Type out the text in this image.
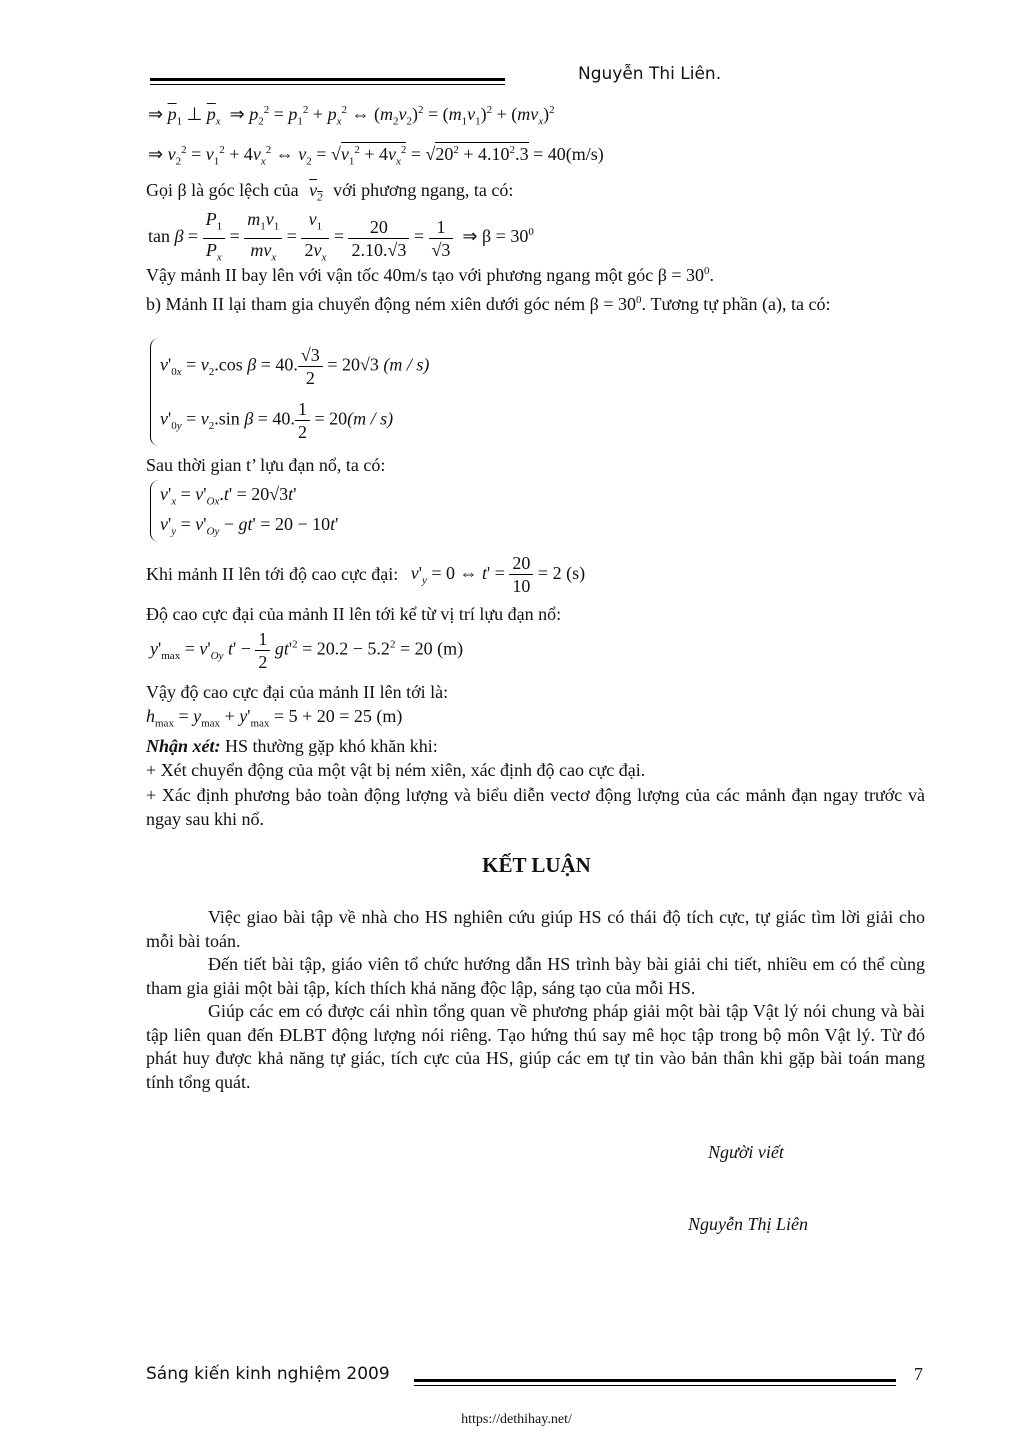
Nguyễn Thi Liên.
⇒ $\overline{p}_1$ ⊥ $\overline{p}_x$  ⇒ $p_2^2 = p_1^2 + p_x^2$ ⇔ $(m_2v_2)^2 = (m_1v_1)^2 + (mv_x)^2$
⇒ $v_2^2 = v_1^2 + 4v_x^2$ ⇔ $v_2 = √v_1^2 + 4v_x^2 = √20^2 + 4.10^2.3 = 40(m/s)$
Gọi β là góc lệch của $v_2$ với phương ngang, ta có:
$\tan \beta = \frac{P_1}{P_x} = \frac{m_1v_1}{mv_x} = \frac{v_1}{2v_x} = \frac{20}{2.10.√3} = \frac{1}{√3}$ ⇒ $\beta = 30^0$
Vậy mảnh II bay lên với vận tốc 40m/s tạo với phương ngang một góc $\beta = 30^0$.
b) Mảnh II lại tham gia chuyển động ném xiên dưới góc ném $\beta = 30^0$. Tương tự phần (a), ta có:
$v'_{0x} = v_2.\cos$ β = 40. $\frac{√3}{2} = 20√3$ (m / s)
$v'_{0y} = v_2.\sin$ β = 40. $\frac{1}{2} = 20(m / s)$
Sau thời gian t’ lựu đạn nổ, ta có:
$v'_x = v'_{Ox}.t' = 20√3t'$
$v'_y = v'_{Oy} - gt' = 20 - 10t'$
Khi mảnh II lên tới độ cao cực đại: $v'_y = 0$ ⇔ $t' = \frac{20}{10} = 2$ (s)
Độ cao cực đại của mảnh II lên tới kể từ vị trí lựu đạn nổ:
$y'_{max} = v'_{Oy}$ $t' - \frac{1}{2} gt'^2 = 20.2 - 5.2^2 = 20$ (m)
Vậy độ cao cực đại của mảnh II lên tới là:
$h_{max} = y_{max} + y'_{max} = 5 + 20 = 25$ (m)
Nhận xét: HS thường gặp khó khăn khi:
+ Xét chuyển động của một vật bị ném xiên, xác định độ cao cực đại.
+ Xác định phương bảo toàn động lượng và biểu diễn vectơ động lượng của các mảnh đạn ngay trước và ngay sau khi nổ.
KẾT LUẬN
Việc giao bài tập về nhà cho HS nghiên cứu giúp HS có thái độ tích cực, tự giác tìm lời giải cho mỗi bài toán.
Đến tiết bài tập, giáo viên tổ chức hướng dẫn HS trình bày bài giải chi tiết, nhiều em có thể cùng tham gia giải một bài tập, kích thích khả năng độc lập, sáng tạo của mỗi HS.
Giúp các em có được cái nhìn tổng quan về phương pháp giải một bài tập Vật lý nói chung và bài tập liên quan đến ĐLBT động lượng nói riêng. Tạo hứng thú say mê học tập trong bộ môn Vật lý. Từ đó phát huy được khả năng tự giác, tích cực của HS, giúp các em tự tin vào bản thân khi gặp bài toán mang tính tổng quát.
Người viết
Nguyễn Thị Liên
Sáng kiến kinh nghiệm 2009	7
https://dethihay.net/
